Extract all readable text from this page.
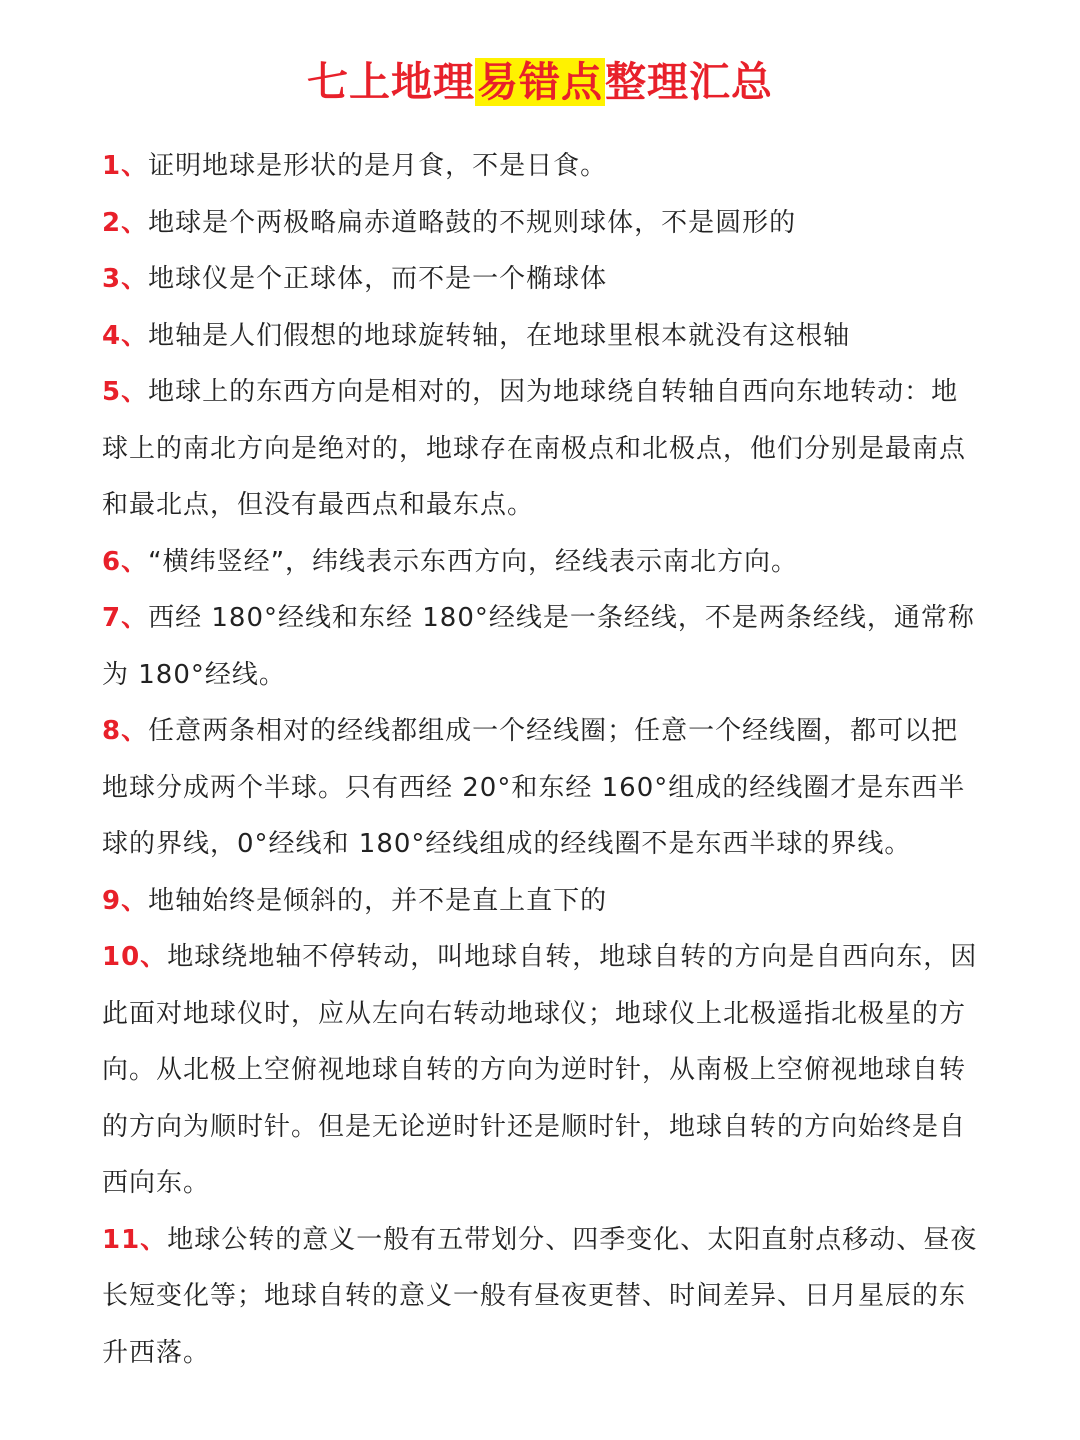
七上地理易错点整理汇总
1、证明地球是形状的是月食，不是日食。
2、地球是个两极略扁赤道略鼓的不规则球体，不是圆形的
3、地球仪是个正球体，而不是一个椭球体
4、地轴是人们假想的地球旋转轴，在地球里根本就没有这根轴
5、地球上的东西方向是相对的，因为地球绕自转轴自西向东地转动：地球上的南北方向是绝对的，地球存在南极点和北极点，他们分别是最南点和最北点，但没有最西点和最东点。
6、“横纬竖经”，纬线表示东西方向，经线表示南北方向。
7、西经 180°经线和东经 180°经线是一条经线，不是两条经线，通常称为 180°经线。
8、任意两条相对的经线都组成一个经线圈；任意一个经线圈，都可以把地球分成两个半球。只有西经 20°和东经 160°组成的经线圈才是东西半球的界线，0°经线和 180°经线组成的经线圈不是东西半球的界线。
9、地轴始终是倾斜的，并不是直上直下的
10、地球绕地轴不停转动，叫地球自转，地球自转的方向是自西向东，因此面对地球仪时，应从左向右转动地球仪；地球仪上北极遥指北极星的方向。从北极上空俯视地球自转的方向为逆时针，从南极上空俯视地球自转的方向为顺时针。但是无论逆时针还是顺时针，地球自转的方向始终是自西向东。
11、地球公转的意义一般有五带划分、四季变化、太阳直射点移动、昼夜长短变化等；地球自转的意义一般有昼夜更替、时间差异、日月星辰的东升西落。
